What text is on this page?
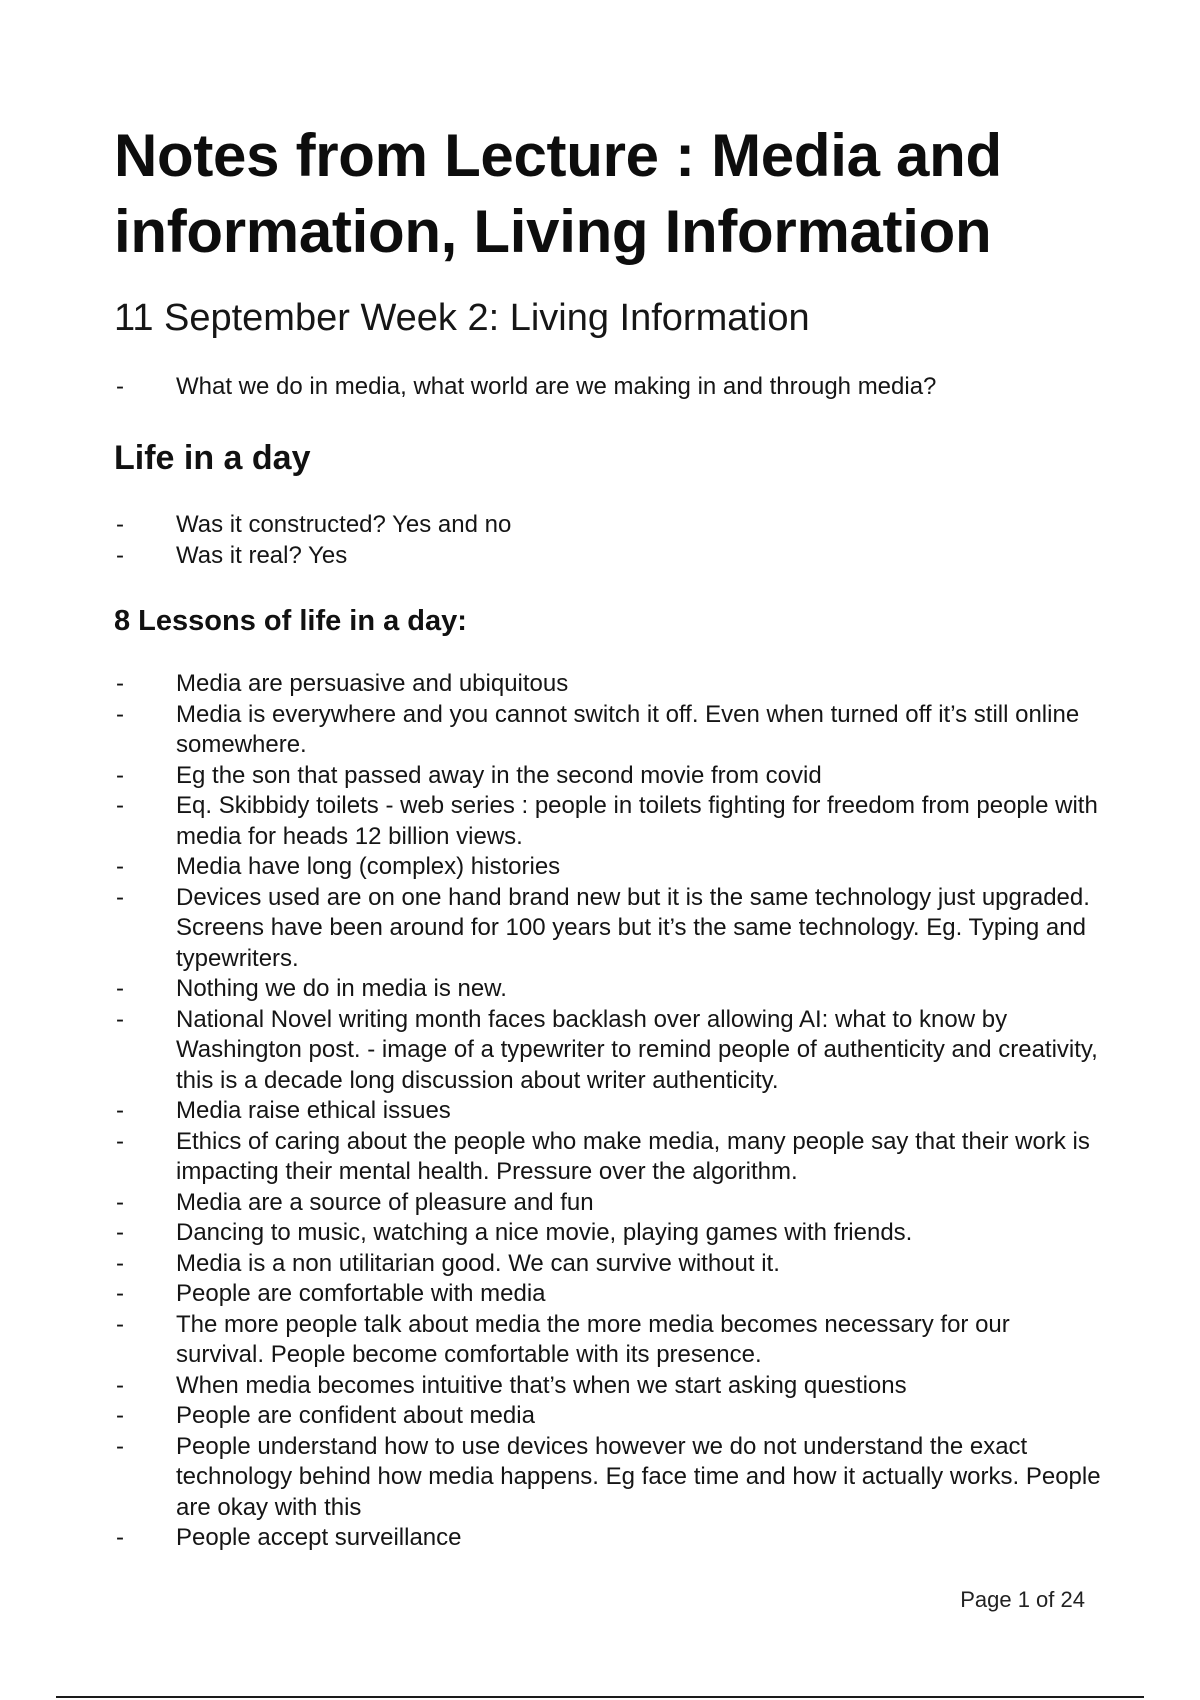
Notes from Lecture : Media and information, Living Information
11 September Week 2: Living Information
-	What we do in media, what world are we making in and through media?
Life in a day
-	Was it constructed? Yes and no
-	Was it real? Yes
8 Lessons of life in a day:
-	Media are persuasive and ubiquitous
-	Media is everywhere and you cannot switch it off. Even when turned off it’s still online somewhere.
-	Eg the son that passed away in the second movie from covid
-	Eq. Skibbidy toilets - web series : people in toilets fighting for freedom from people with media for heads 12 billion views.
-	Media have long (complex) histories
-	Devices used are on one hand brand new but it is the same technology just upgraded. Screens have been around for 100 years but it’s the same technology. Eg. Typing and typewriters.
-	Nothing we do in media is new.
-	National Novel writing month faces backlash over allowing AI: what to know by Washington post. - image of a typewriter to remind people of authenticity and creativity, this is a decade long discussion about writer authenticity.
-	Media raise ethical issues
-	Ethics of caring about the people who make media, many people say that their work is impacting their mental health. Pressure over the algorithm.
-	Media are a source of pleasure and fun
-	Dancing to music, watching a nice movie, playing games with friends.
-	Media is a non utilitarian good. We can survive without it.
-	People are comfortable with media
-	The more people talk about media the more media becomes necessary for our survival. People become comfortable with its presence.
-	When media becomes intuitive that’s when we start asking questions
-	People are confident about media
-	People understand how to use devices however we do not understand the exact technology behind how media happens. Eg face time and how it actually works. People are okay with this
-	People accept surveillance
Page 1 of 24
